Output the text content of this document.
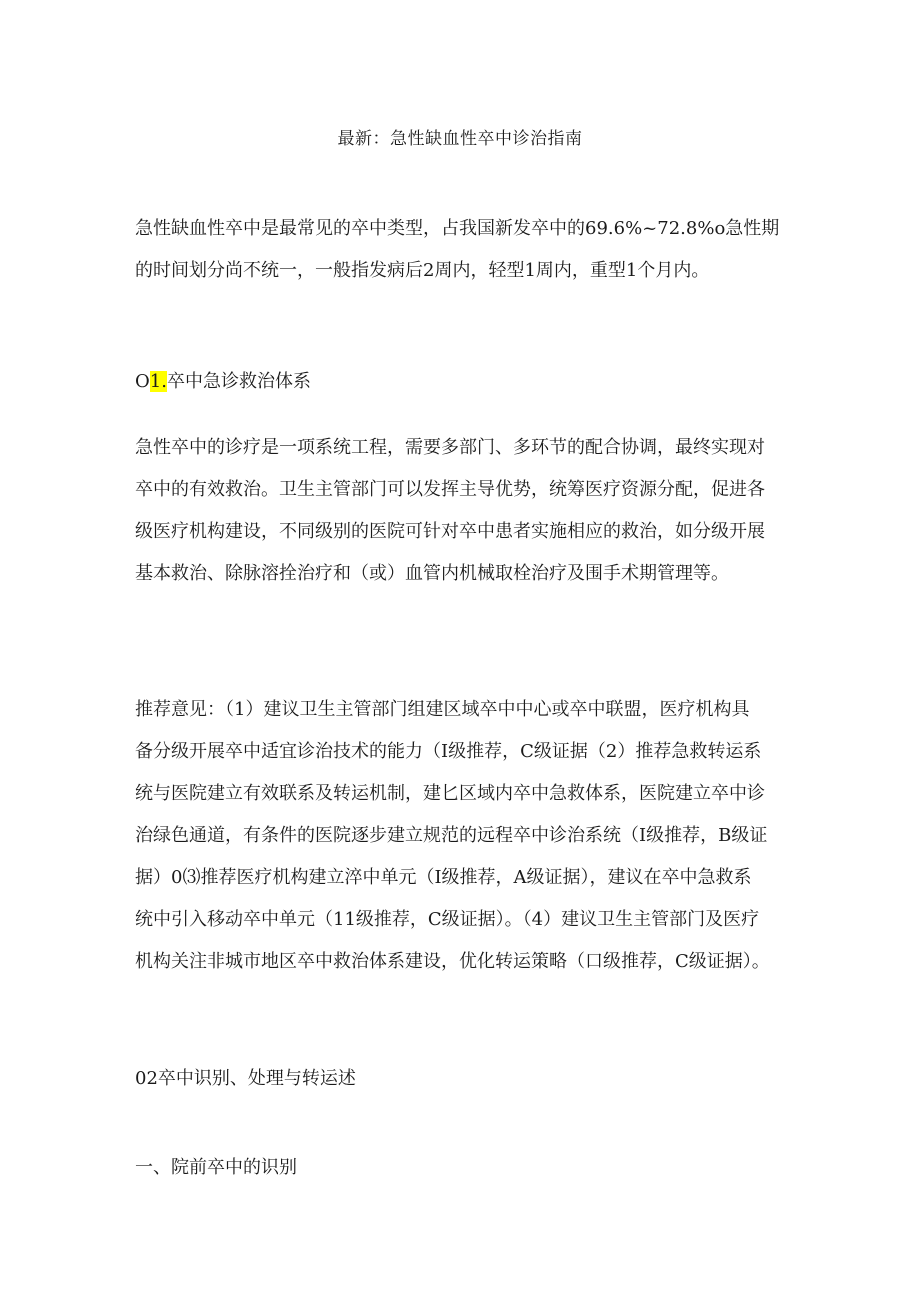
最新：急性缺血性卒中诊治指南

急性缺血性卒中是最常见的卒中类型，占我国新发卒中的69.6%~72.8%o急性期
的时间划分尚不统一，一般指发病后2周内，轻型1周内，重型1个月内。

O1.卒中急诊救治体系

急性卒中的诊疗是一项系统工程，需要多部门、多环节的配合协调，最终实现对
卒中的有效救治。卫生主管部门可以发挥主导优势，统筹医疗资源分配，促进各
级医疗机构建设，不同级别的医院可针对卒中患者实施相应的救治，如分级开展
基本救治、除脉溶拴治疗和（或）血管内机械取栓治疗及围手术期管理等。

推荐意见：（1）建议卫生主管部门组建区域卒中中心或卒中联盟，医疗机构具
备分级开展卒中适宜诊治技术的能力（I级推荐，C级证据（2）推荐急救转运系
统与医院建立有效联系及转运机制，建匕区域内卒中急救体系，医院建立卒中诊
治绿色通道，有条件的医院逐步建立规范的远程卒中诊治系统（I级推荐，B级证
据）0⑶推荐医疗机构建立淬中单元（I级推荐，A级证据），建议在卒中急救系
统中引入移动卒中单元（11级推荐，C级证据）。（4）建议卫生主管部门及医疗
机构关注非城市地区卒中救治体系建设，优化转运策略（口级推荐，C级证据）。

02卒中识别、处理与转运述

一、院前卒中的识别
